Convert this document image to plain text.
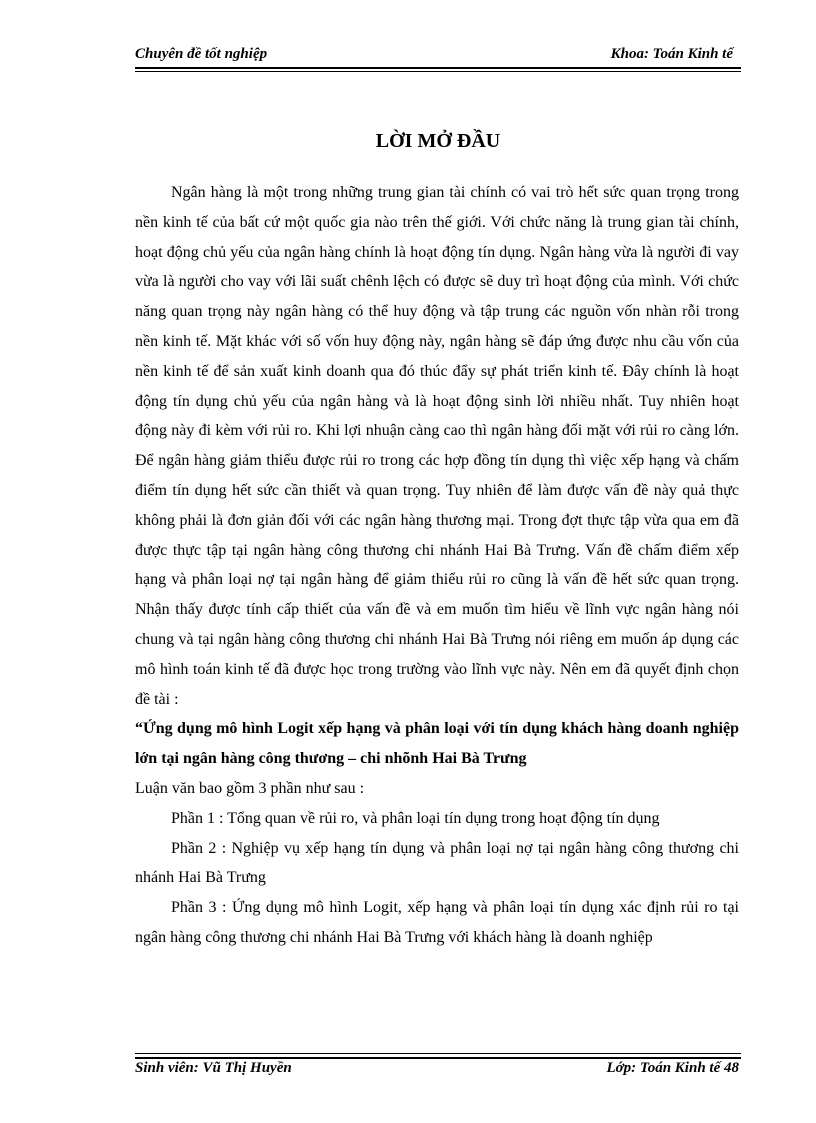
Chuyên đề tốt nghiệp	Khoa: Toán Kinh tế
LỜI MỞ ĐẦU

Ngân hàng là một trong những trung gian tài chính có vai trò hết sức quan trọng trong nền kinh tế của bất cứ một quốc gia nào trên thế giới. Với chức năng là trung gian tài chính, hoạt động chủ yếu của ngân hàng chính là hoạt động tín dụng. Ngân hàng vừa là người đi vay vừa là người cho vay với lãi suất chênh lệch có được sẽ duy trì hoạt động của mình. Với chức năng quan trọng này ngân hàng có thể huy động và tập trung các nguồn vốn nhàn rỗi trong nền kinh tế. Mặt khác với số vốn huy động này, ngân hàng sẽ đáp ứng được nhu cầu vốn của nền kinh tế để sản xuất kinh doanh qua đó thúc đẩy sự phát triển kinh tế. Đây chính là hoạt động tín dụng chủ yếu của ngân hàng và là hoạt động sinh lời nhiều nhất. Tuy nhiên hoạt động này đi kèm với rủi ro. Khi lợi nhuận càng cao thì ngân hàng đối mặt với rủi ro càng lớn. Để ngân hàng giảm thiểu được rủi ro trong các hợp đồng tín dụng thì việc xếp hạng và chấm điểm tín dụng hết sức cần thiết và quan trọng. Tuy nhiên để làm được vấn đề này quả thực không phải là đơn giản đối với các ngân hàng thương mại. Trong đợt thực tập vừa qua em đã được thực tập tại ngân hàng công thương chi nhánh Hai Bà Trưng. Vấn đề chấm điểm xếp hạng và phân loại nợ tại ngân hàng để giảm thiểu rủi ro cũng là vấn đề hết sức quan trọng. Nhận thấy được tính cấp thiết của vấn đề và em muốn tìm hiểu về lĩnh vực ngân hàng nói chung và tại ngân hàng công thương chi nhánh Hai Bà Trưng nói riêng em muốn áp dụng các mô hình toán kinh tế đã được học trong trường vào lĩnh vực này. Nên em đã quyết định chọn đề tài :

“Ứng dụng mô hình Logit xếp hạng và phân loại với tín dụng khách hàng doanh nghiệp lớn tại ngân hàng công thương – chi nhõnh Hai Bà Trưng

Luận văn bao gồm 3 phần như sau :

Phần 1 : Tổng quan về rủi ro, và phân loại tín dụng trong hoạt động tín dụng

Phần 2 : Nghiệp vụ xếp hạng tín dụng và phân loại nợ tại ngân hàng công thương chi nhánh Hai Bà Trưng

Phần 3 : Ứng dụng mô hình Logit, xếp hạng và phân loại tín dụng xác định rủi ro tại ngân hàng công thương chi nhánh Hai Bà Trưng với khách hàng là doanh nghiệp

Sinh viên: Vũ Thị Huyền	Lớp: Toán Kinh tế 48
